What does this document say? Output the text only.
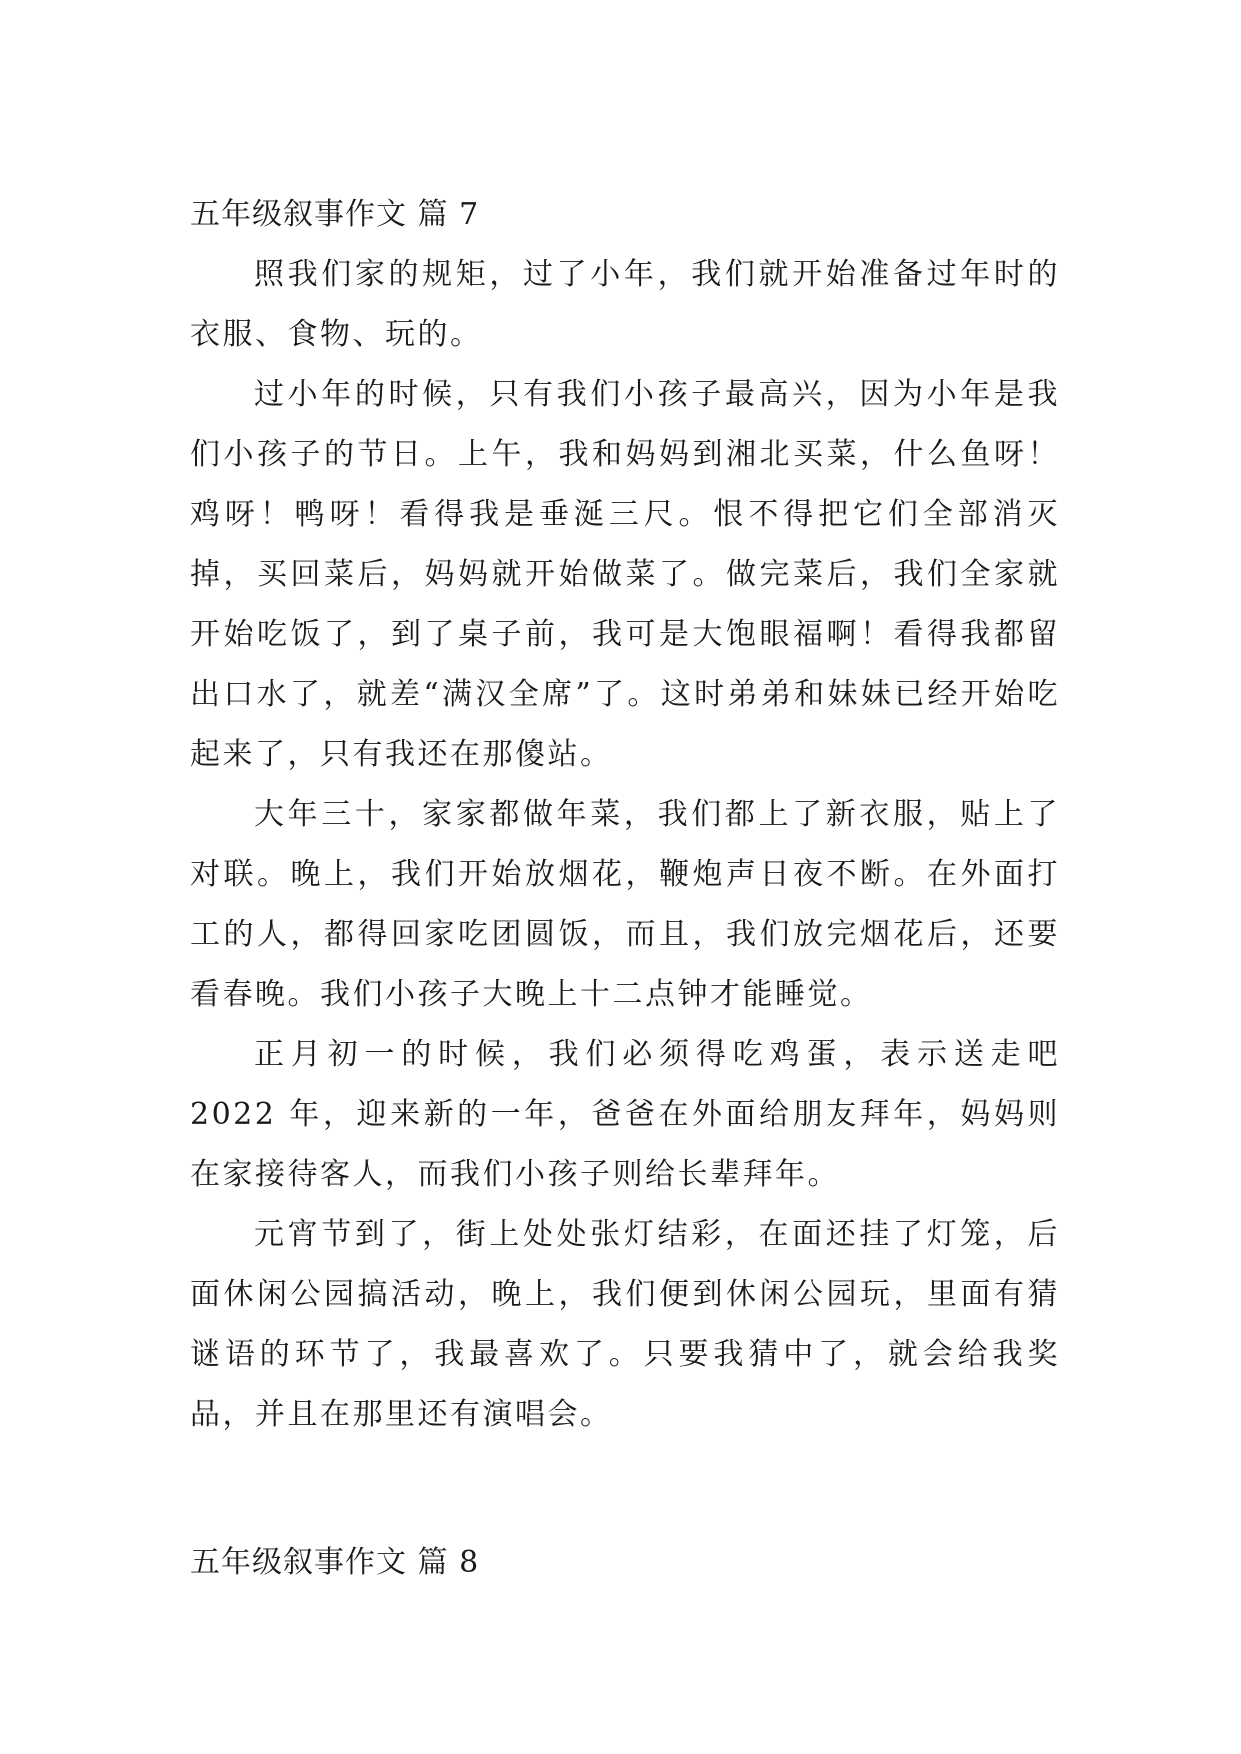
五年级叙事作文 篇 7

照我们家的规矩，过了小年，我们就开始准备过年时的衣服、食物、玩的。

过小年的时候，只有我们小孩子最高兴，因为小年是我们小孩子的节日。上午，我和妈妈到湘北买菜，什么鱼呀！鸡呀！鸭呀！看得我是垂涎三尺。恨不得把它们全部消灭掉，买回菜后，妈妈就开始做菜了。做完菜后，我们全家就开始吃饭了，到了桌子前，我可是大饱眼福啊！看得我都留出口水了，就差“满汉全席”了。这时弟弟和妹妹已经开始吃起来了，只有我还在那傻站。

大年三十，家家都做年菜，我们都上了新衣服，贴上了对联。晚上，我们开始放烟花，鞭炮声日夜不断。在外面打工的人，都得回家吃团圆饭，而且，我们放完烟花后，还要看春晚。我们小孩子大晚上十二点钟才能睡觉。

正月初一的时候，我们必须得吃鸡蛋，表示送走吧 2022 年，迎来新的一年，爸爸在外面给朋友拜年，妈妈则在家接待客人，而我们小孩子则给长辈拜年。

元宵节到了，街上处处张灯结彩，在面还挂了灯笼，后面休闲公园搞活动，晚上，我们便到休闲公园玩，里面有猜谜语的环节了，我最喜欢了。只要我猜中了，就会给我奖品，并且在那里还有演唱会。

五年级叙事作文 篇 8
